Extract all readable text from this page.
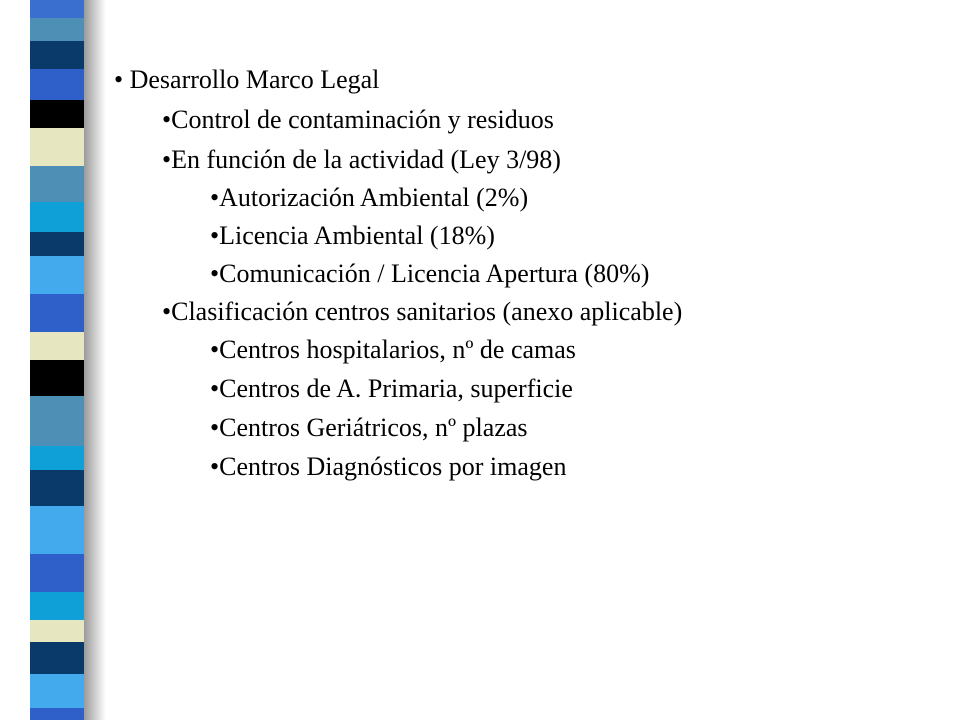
• Desarrollo Marco Legal
•Control de contaminación y residuos
•En función de la actividad (Ley 3/98)
•Autorización Ambiental (2%)
•Licencia Ambiental (18%)
•Comunicación / Licencia Apertura (80%)
•Clasificación centros sanitarios (anexo aplicable)
•Centros hospitalarios, nº de camas
•Centros de A. Primaria, superficie
•Centros Geriátricos, nº plazas
•Centros Diagnósticos por imagen
